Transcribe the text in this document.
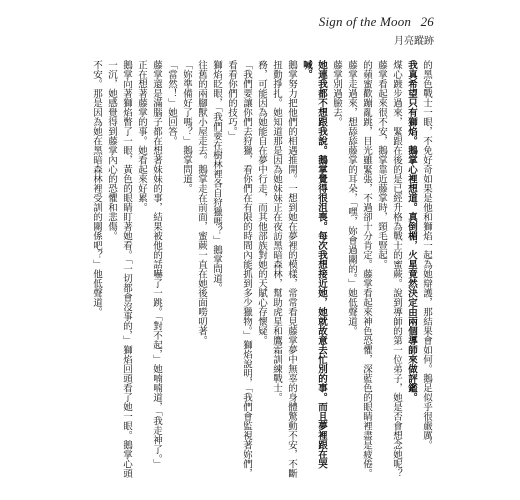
Sign of the Moon 26
月亮蹤跡

的黑色戰士一眼，不免好奇如果是他和獅焰一起為她辯護，那結果會如何。鵝足似乎很嚴厲。

我真希望只有獅焰。鵝掌心裡想道。真倒楣，火星竟然決定由兩個導師來做評鑑。

煤心踱步過來，緊跟在後的是已經升格為戰士的蜜蕨。說到導師的第一位弟子，她是否會想念她呢？藤掌看起來很不安，鵝掌靠近藤掌時，頸毛豎起。

的蘋蜜歡蹦亂跳，目光雖緊張，不過卻十分肯定。藤掌看起來神色恐懼，深藍色的眼睛裡盡是疲倦。

藤掌走過來，想舔舔藤掌的耳朵，「嘿，妳會過關的。」她低聲道。

藤掌別過臉去。

她連我都不想跟我說。鵝掌覺得很沮喪。每次我想接近她，她就故意去忙別的事。而且夢裡跟在哭喊。

鵝掌努力把他們的相遇推開。一想到她在夢裡的模樣，常常看見藤掌夢中無辜的身體驚動不安，不斷扭動掙扎。她知道那是因為她妹妹正在夜訪黑暗森林，幫助虎星和鷹霜訓練戰士。

務，可能因為她能自在夢中行走，而其他部族對她的天賦心存懷疑。

「我們要讓你們去狩獵，看你們在有限的時間內能抓到多少獵物。」獅焰說明，「我們會監視著妳們，看看你們的技巧。」

獅焰眨眼，「我們要在樹林裡各自狩獵嗎？」鵝掌問道。

往舊的兩腳獸小屋走去。鵝掌走在前面，蜜蕨一直在她後面嘮叨著。

「妳準備好了嗎？」鵝掌問道。

「當然！」她回答。

藤掌還是滿腦子都在想著妹妹的事，結果被他的話嚇了一跳。「對不起，」她喃喃道，「我走神了。」

正在想著藤掌的事。她看起來好累。

鵝掌向著獅焰瞥了一眼，黃色的眼睛盯著她看。「一切都會沒事的，」獅焰回頭看了她一眼。鵝掌心頭一沉，她感覺得到藤掌內心的恐懼和悲傷。

不安。那是因為她在黑暗森林裡受訓的關係吧？」他低聲道。
